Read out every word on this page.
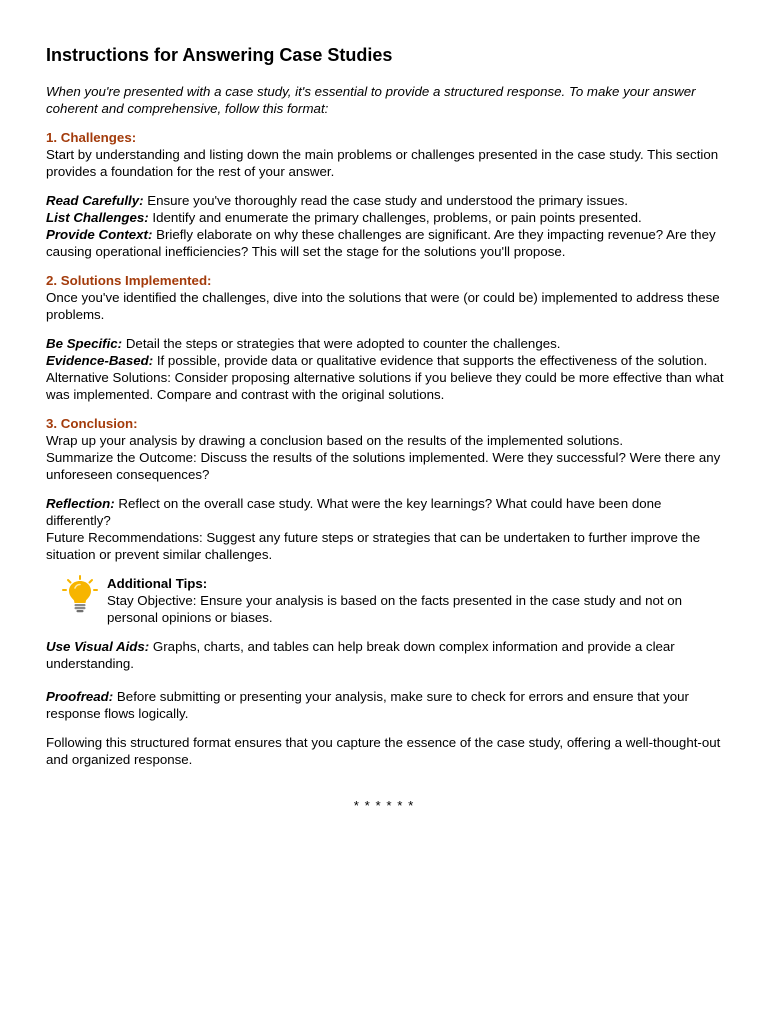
Instructions for Answering Case Studies

When you're presented with a case study, it's essential to provide a structured response. To make your answer coherent and comprehensive, follow this format:

1. Challenges:

Start by understanding and listing down the main problems or challenges presented in the case study. This section provides a foundation for the rest of your answer.

Read Carefully: Ensure you've thoroughly read the case study and understood the primary issues.

List Challenges: Identify and enumerate the primary challenges, problems, or pain points presented.

Provide Context: Briefly elaborate on why these challenges are significant. Are they impacting revenue? Are they causing operational inefficiencies? This will set the stage for the solutions you'll propose.

2. Solutions Implemented:

Once you've identified the challenges, dive into the solutions that were (or could be) implemented to address these problems.

Be Specific: Detail the steps or strategies that were adopted to counter the challenges.

Evidence-Based: If possible, provide data or qualitative evidence that supports the effectiveness of the solution.

Alternative Solutions: Consider proposing alternative solutions if you believe they could be more effective than what was implemented. Compare and contrast with the original solutions.

3. Conclusion:

Wrap up your analysis by drawing a conclusion based on the results of the implemented solutions.

Summarize the Outcome: Discuss the results of the solutions implemented. Were they successful? Were there any unforeseen consequences?

Reflection: Reflect on the overall case study. What were the key learnings? What could have been done differently?

Future Recommendations: Suggest any future steps or strategies that can be undertaken to further improve the situation or prevent similar challenges.

Additional Tips:

Stay Objective: Ensure your analysis is based on the facts presented in the case study and not on personal opinions or biases.

Use Visual Aids: Graphs, charts, and tables can help break down complex information and provide a clear understanding.

Proofread: Before submitting or presenting your analysis, make sure to check for errors and ensure that your response flows logically.

Following this structured format ensures that you capture the essence of the case study, offering a well-thought-out and organized response.

* * * * * *
